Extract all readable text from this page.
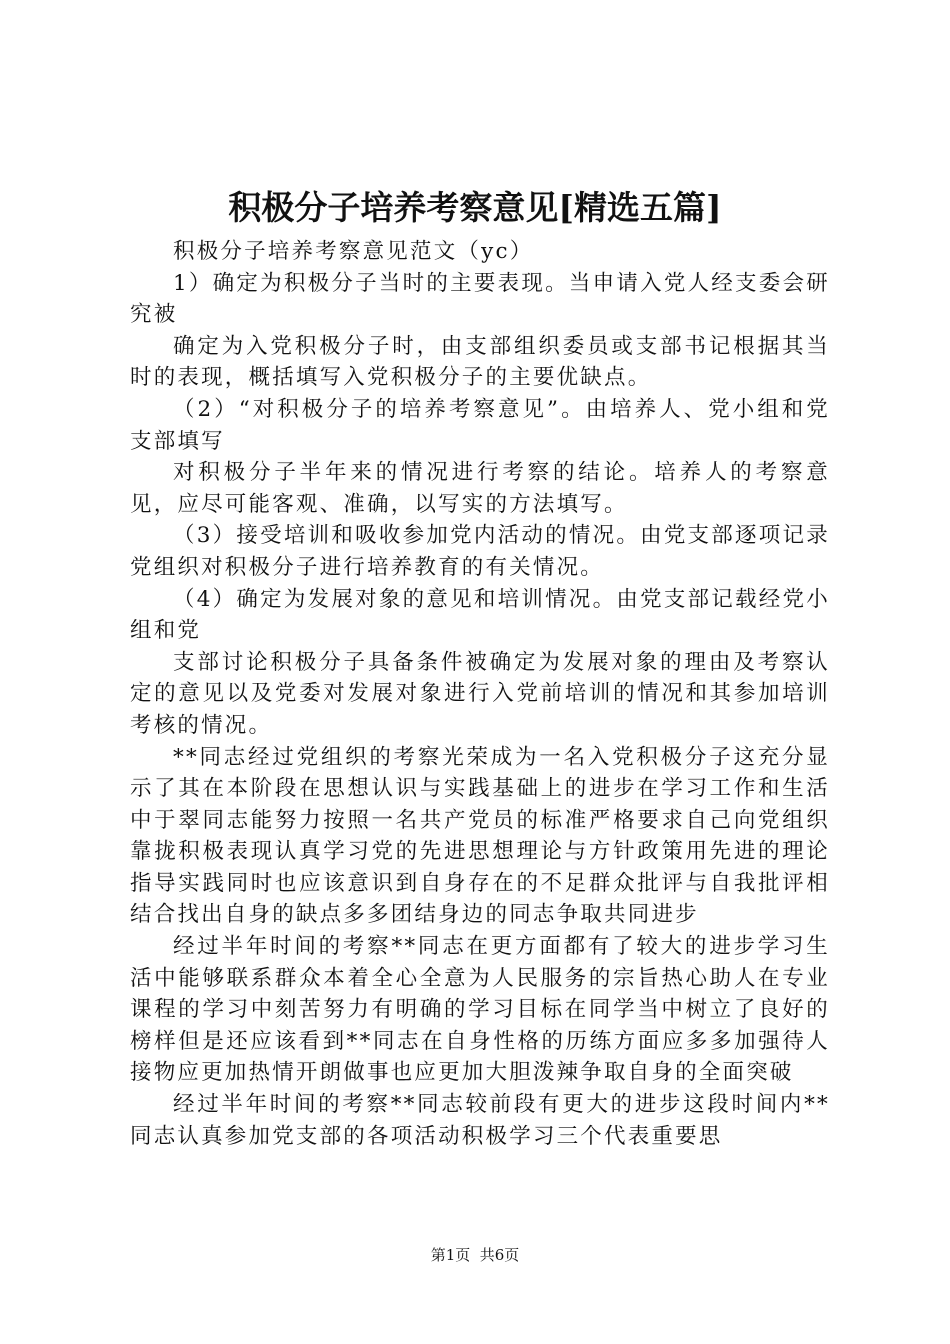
积极分子培养考察意见[精选五篇]

积极分子培养考察意见范文（yc）

1）确定为积极分子当时的主要表现。当申请入党人经支委会研究被

确定为入党积极分子时，由支部组织委员或支部书记根据其当时的表现，概括填写入党积极分子的主要优缺点。

（2）“对积极分子的培养考察意见”。由培养人、党小组和党支部填写

对积极分子半年来的情况进行考察的结论。培养人的考察意见，应尽可能客观、准确，以写实的方法填写。

（3）接受培训和吸收参加党内活动的情况。由党支部逐项记录党组织对积极分子进行培养教育的有关情况。

（4）确定为发展对象的意见和培训情况。由党支部记载经党小组和党

支部讨论积极分子具备条件被确定为发展对象的理由及考察认定的意见以及党委对发展对象进行入党前培训的情况和其参加培训考核的情况。

**同志经过党组织的考察光荣成为一名入党积极分子这充分显示了其在本阶段在思想认识与实践基础上的进步在学习工作和生活中于翠同志能努力按照一名共产党员的标准严格要求自己向党组织靠拢积极表现认真学习党的先进思想理论与方针政策用先进的理论指导实践同时也应该意识到自身存在的不足群众批评与自我批评相结合找出自身的缺点多多团结身边的同志争取共同进步

经过半年时间的考察**同志在更方面都有了较大的进步学习生活中能够联系群众本着全心全意为人民服务的宗旨热心助人在专业课程的学习中刻苦努力有明确的学习目标在同学当中树立了良好的榜样但是还应该看到**同志在自身性格的历练方面应多多加强待人接物应更加热情开朗做事也应更加大胆泼辣争取自身的全面突破

经过半年时间的考察**同志较前段有更大的进步这段时间内**同志认真参加党支部的各项活动积极学习三个代表重要思

第1页  共6页
